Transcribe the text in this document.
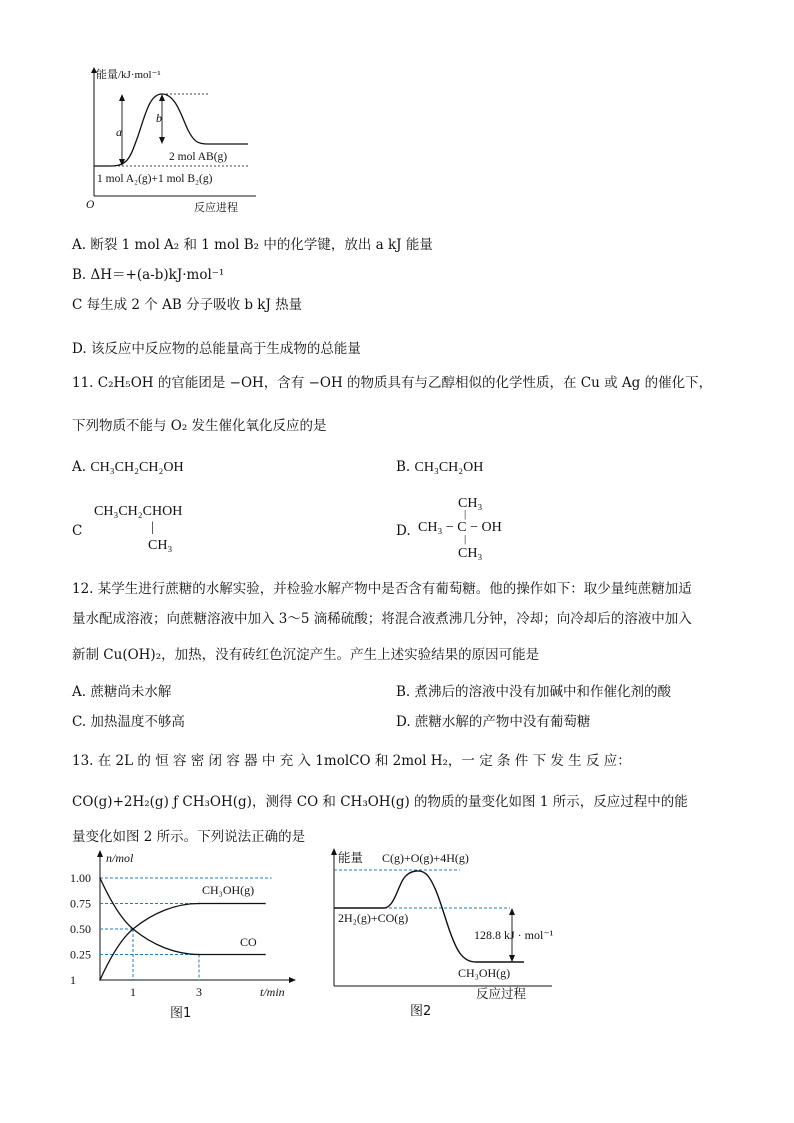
能量/kJ·mol⁻¹
a
b
2 mol AB(g)
1 mol A₂(g)+1 mol B₂(g)
O	反应进程
A. 断裂 1 mol A₂ 和 1 mol B₂ 中的化学键，放出 a kJ 能量
B. ΔH＝+(a-b)kJ·mol⁻¹
C 每生成 2 个 AB 分子吸收 b kJ 热量
D. 该反应中反应物的总能量高于生成物的总能量
11. C₂H₅OH 的官能团是 −OH，含有 −OH 的物质具有与乙醇相似的化学性质，在 Cu 或 Ag 的催化下，
下列物质不能与 O₂ 发生催化氧化反应的是
A. CH₃CH₂CH₂OH	B. CH₃CH₂OH
C
CH₃CH₂CHOH
|
CH₃
D.
CH₃
|
CH₃ − C − OH
|
CH₃
12. 某学生进行蔗糖的水解实验，并检验水解产物中是否含有葡萄糖。他的操作如下：取少量纯蔗糖加适
量水配成溶液；向蔗糖溶液中加入 3～5 滴稀硫酸；将混合液煮沸几分钟，冷却；向冷却后的溶液中加入
新制 Cu(OH)₂，加热，没有砖红色沉淀产生。产生上述实验结果的原因可能是
A. 蔗糖尚未水解	B. 煮沸后的溶液中没有加碱中和作催化剂的酸
C. 加热温度不够高	D. 蔗糖水解的产物中没有葡萄糖
13. 在 2L 的 恒 容 密 闭 容 器 中 充 入 1molCO 和 2mol H₂，一 定 条 件 下 发 生 反 应：
CO(g)+2H₂(g) ƒ CH₃OH(g)，测得 CO 和 CH₃OH(g) 的物质的量变化如图 1 所示，反应过程中的能
量变化如图 2 所示。下列说法正确的是
n/mol
t/min
1.00
0.75
0.50
0.25
1
1	3
CH₃OH(g)
CO
图1
能量 C(g)+O(g)+4H(g)
2H₂(g)+CO(g)
128.8 kJ · mol⁻¹
CH₃OH(g)
反应过程
图2
